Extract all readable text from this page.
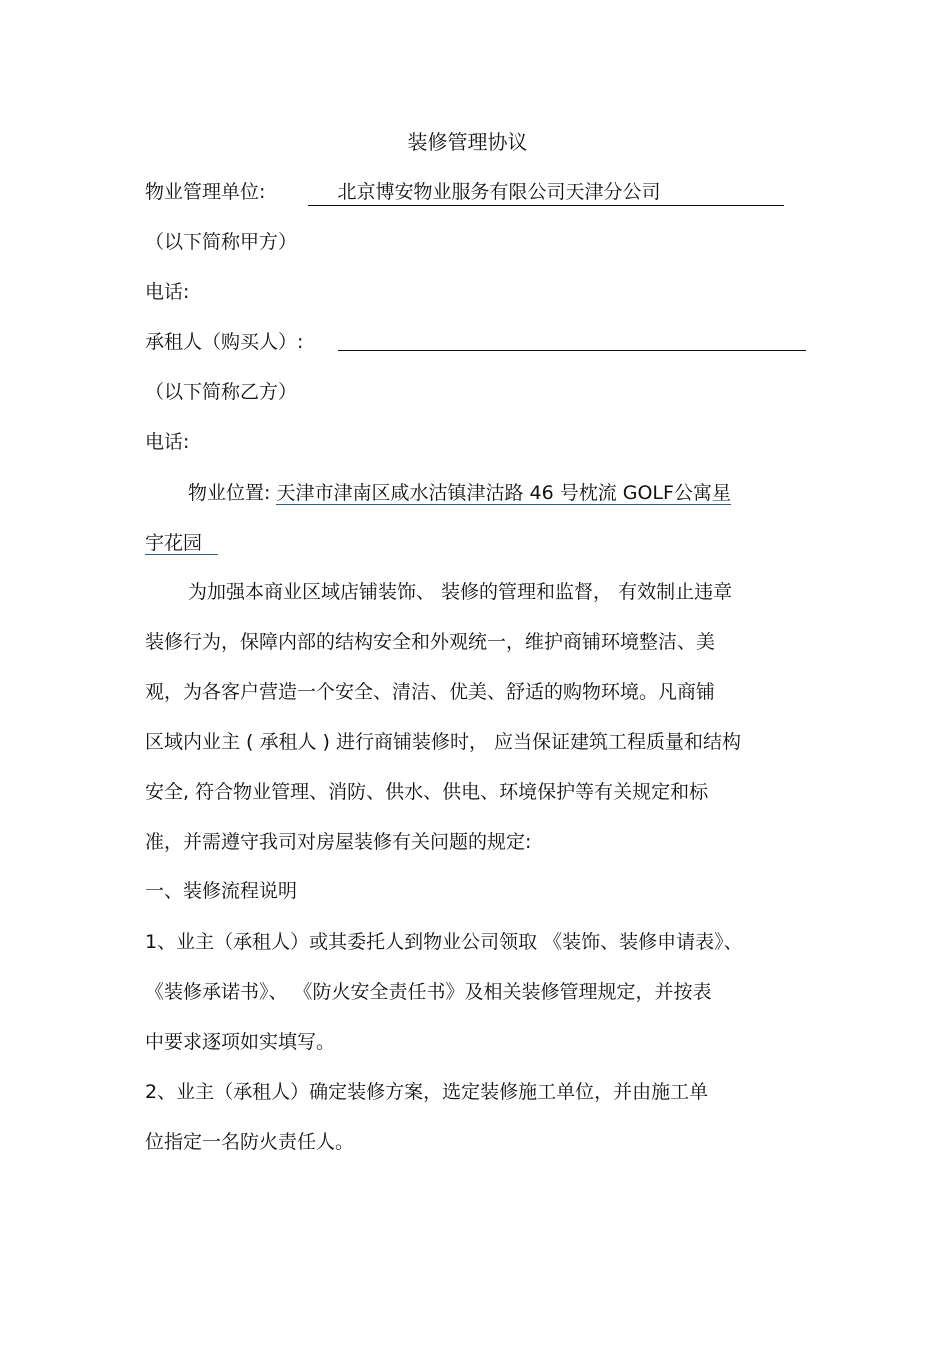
装修管理协议
物业管理单位:	北京博安物业服务有限公司天津分公司
（以下简称甲方）
电话:
承租人（购买人）:
（以下简称乙方）
电话:
物业位置: 天津市津南区咸水沽镇津沽路 46 号枕流 GOLF公寓星
宇花园
为加强本商业区域店铺装饰、 装修的管理和监督， 有效制止违章
装修行为，保障内部的结构安全和外观统一，维护商铺环境整洁、美
观，为各客户营造一个安全、清洁、优美、舒适的购物环境。凡商铺
区域内业主 ( 承租人 ) 进行商铺装修时， 应当保证建筑工程质量和结构
安全, 符合物业管理、消防、供水、供电、环境保护等有关规定和标
准，并需遵守我司对房屋装修有关问题的规定:
一、装修流程说明
1、业主（承租人）或其委托人到物业公司领取 《装饰、装修申请表》、
《装修承诺书》、 《防火安全责任书》及相关装修管理规定，并按表
中要求逐项如实填写。
2、业主（承租人）确定装修方案，选定装修施工单位，并由施工单
位指定一名防火责任人。
